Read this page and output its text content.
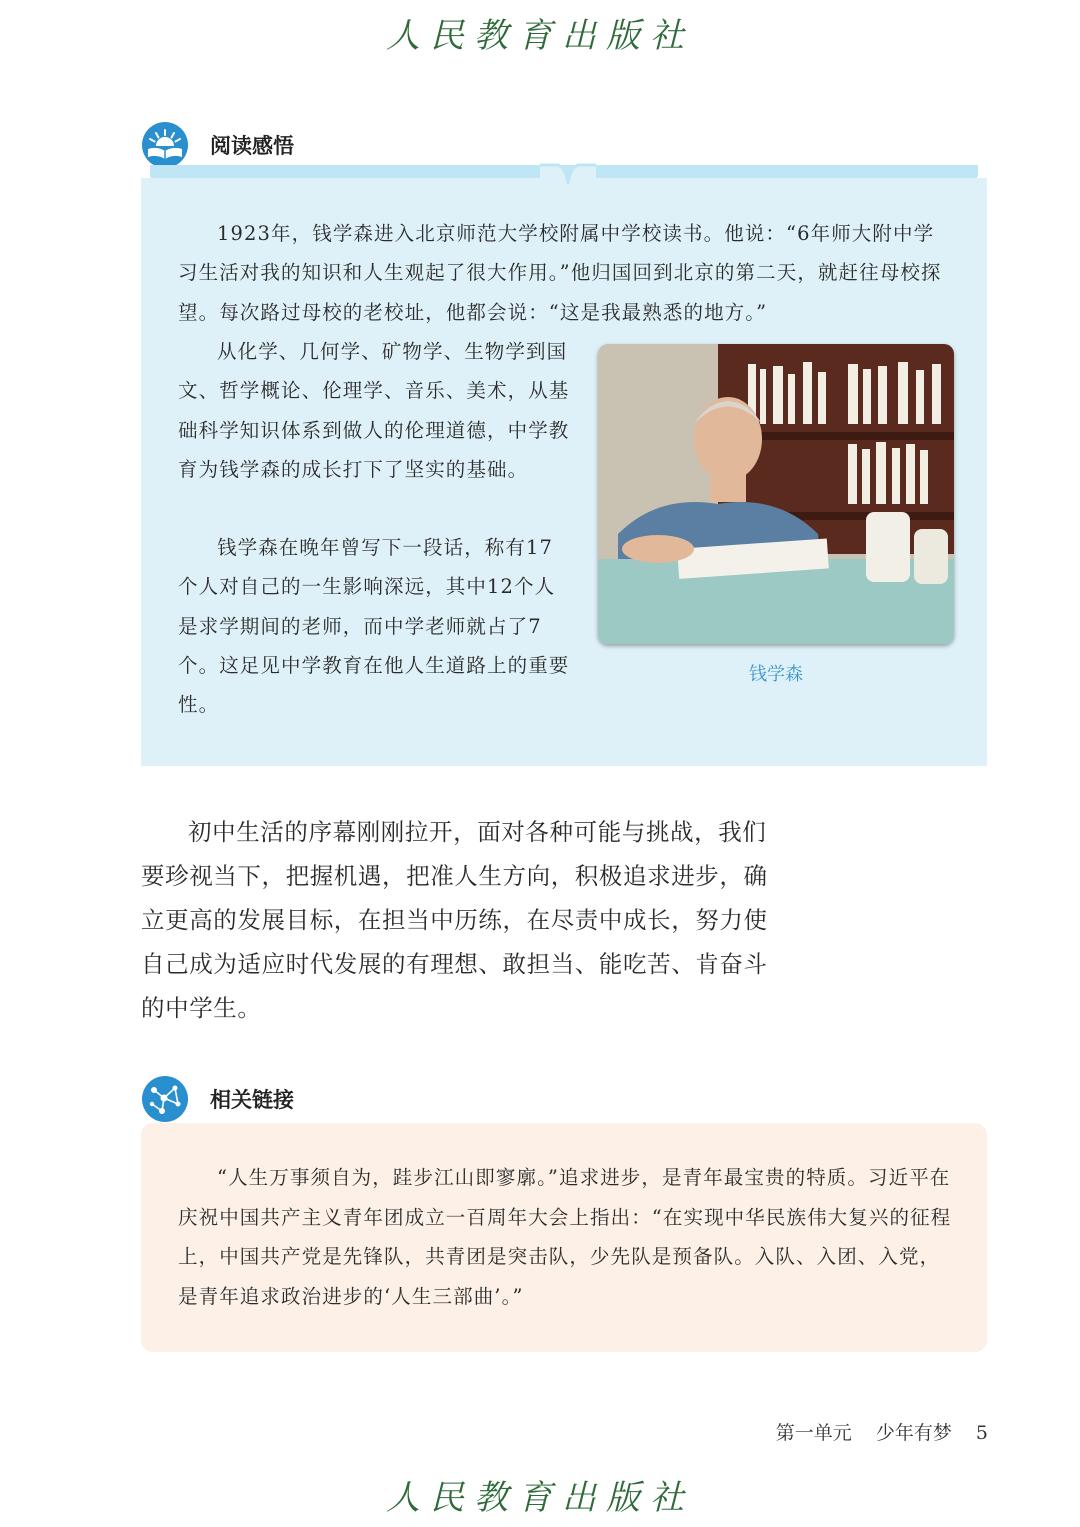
人民教育出版社
阅读感悟

1923年，钱学森进入北京师范大学校附属中学校读书。他说：“6年师大附中学习生活对我的知识和人生观起了很大作用。”他归国回到北京的第二天，就赶往母校探望。每次路过母校的老校址，他都会说：“这是我最熟悉的地方。”

从化学、几何学、矿物学、生物学到国文、哲学概论、伦理学、音乐、美术，从基础科学知识体系到做人的伦理道德，中学教育为钱学森的成长打下了坚实的基础。

钱学森在晚年曾写下一段话，称有17个人对自己的一生影响深远，其中12个人是求学期间的老师，而中学老师就占了7个。这足见中学教育在他人生道路上的重要性。

钱学森

初中生活的序幕刚刚拉开，面对各种可能与挑战，我们要珍视当下，把握机遇，把准人生方向，积极追求进步，确立更高的发展目标，在担当中历练，在尽责中成长，努力使自己成为适应时代发展的有理想、敢担当、能吃苦、肯奋斗的中学生。

相关链接

“人生万事须自为，跬步江山即寥廓。”追求进步，是青年最宝贵的特质。习近平在庆祝中国共产主义青年团成立一百周年大会上指出：“在实现中华民族伟大复兴的征程上，中国共产党是先锋队，共青团是突击队，少先队是预备队。入队、入团、入党，是青年追求政治进步的‘人生三部曲’。”

第一单元 少年有梦 5
人民教育出版社
